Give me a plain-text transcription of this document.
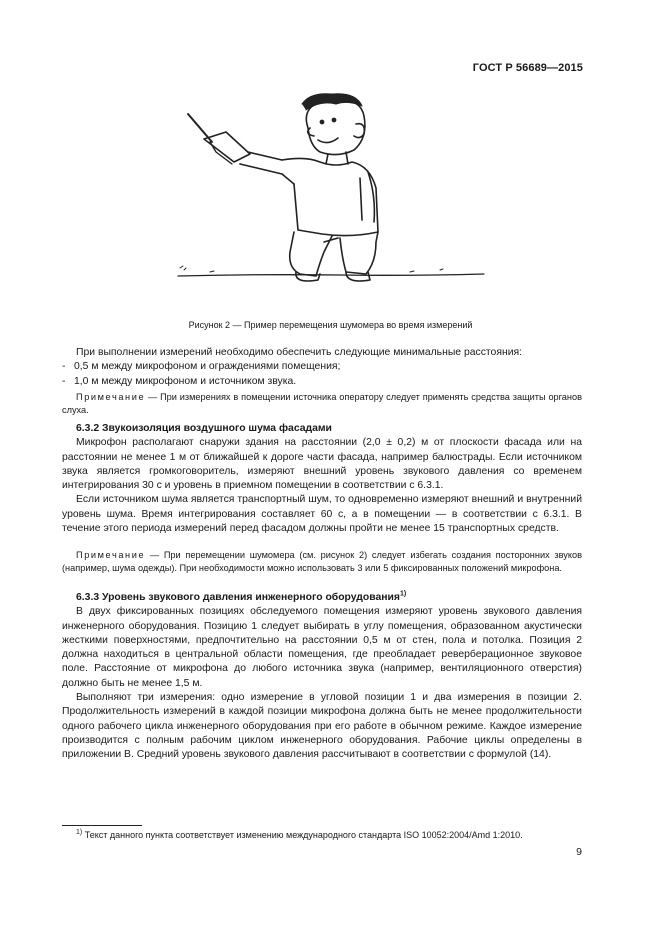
ГОСТ Р 56689—2015
Рисунок 2 — Пример перемещения шумомера во время измерений

При выполнении измерений необходимо обеспечить следующие минимальные расстояния:

- 0,5 м между микрофоном и ограждениями помещения;
- 1,0 м между микрофоном и источником звука.

Примечание — При измерениях в помещении источника оператору следует применять средства защиты органов слуха.

6.3.2 Звукоизоляция воздушного шума фасадами

Микрофон располагают снаружи здания на расстоянии (2,0 ± 0,2) м от плоскости фасада или на расстоянии не менее 1 м от ближайшей к дороге части фасада, например балюстрады. Если источником звука является громкоговоритель, измеряют внешний уровень звукового давления со временем интегрирования 30 с и уровень в приемном помещении в соответствии с 6.3.1.

Если источником шума является транспортный шум, то одновременно измеряют внешний и внутренний уровень шума. Время интегрирования составляет 60 с, а в помещении — в соответствии с 6.3.1. В течение этого периода измерений перед фасадом должны пройти не менее 15 транспортных средств.

Примечание — При перемещении шумомера (см. рисунок 2) следует избегать создания посторонних звуков (например, шума одежды). При необходимости можно использовать 3 или 5 фиксированных положений микрофона.

6.3.3 Уровень звукового давления инженерного оборудования$^{1)}$

В двух фиксированных позициях обследуемого помещения измеряют уровень звукового давления инженерного оборудования. Позицию 1 следует выбирать в углу помещения, образованном акустически жесткими поверхностями, предпочтительно на расстоянии 0,5 м от стен, пола и потолка. Позиция 2 должна находиться в центральной области помещения, где преобладает реверберационное звуковое поле. Расстояние от микрофона до любого источника звука (например, вентиляционного отверстия) должно быть не менее 1,5 м.

Выполняют три измерения: одно измерение в угловой позиции 1 и два измерения в позиции 2. Продолжительность измерений в каждой позиции микрофона должна быть не менее продолжительности одного рабочего цикла инженерного оборудования при его работе в обычном режиме. Каждое измерение производится с полным рабочим циклом инженерного оборудования. Рабочие циклы определены в приложении В. Средний уровень звукового давления рассчитывают в соответствии с формулой (14).

$^{1)}$ Текст данного пункта соответствует изменению международного стандарта ISO 10052:2004/Amd 1:2010.
9
